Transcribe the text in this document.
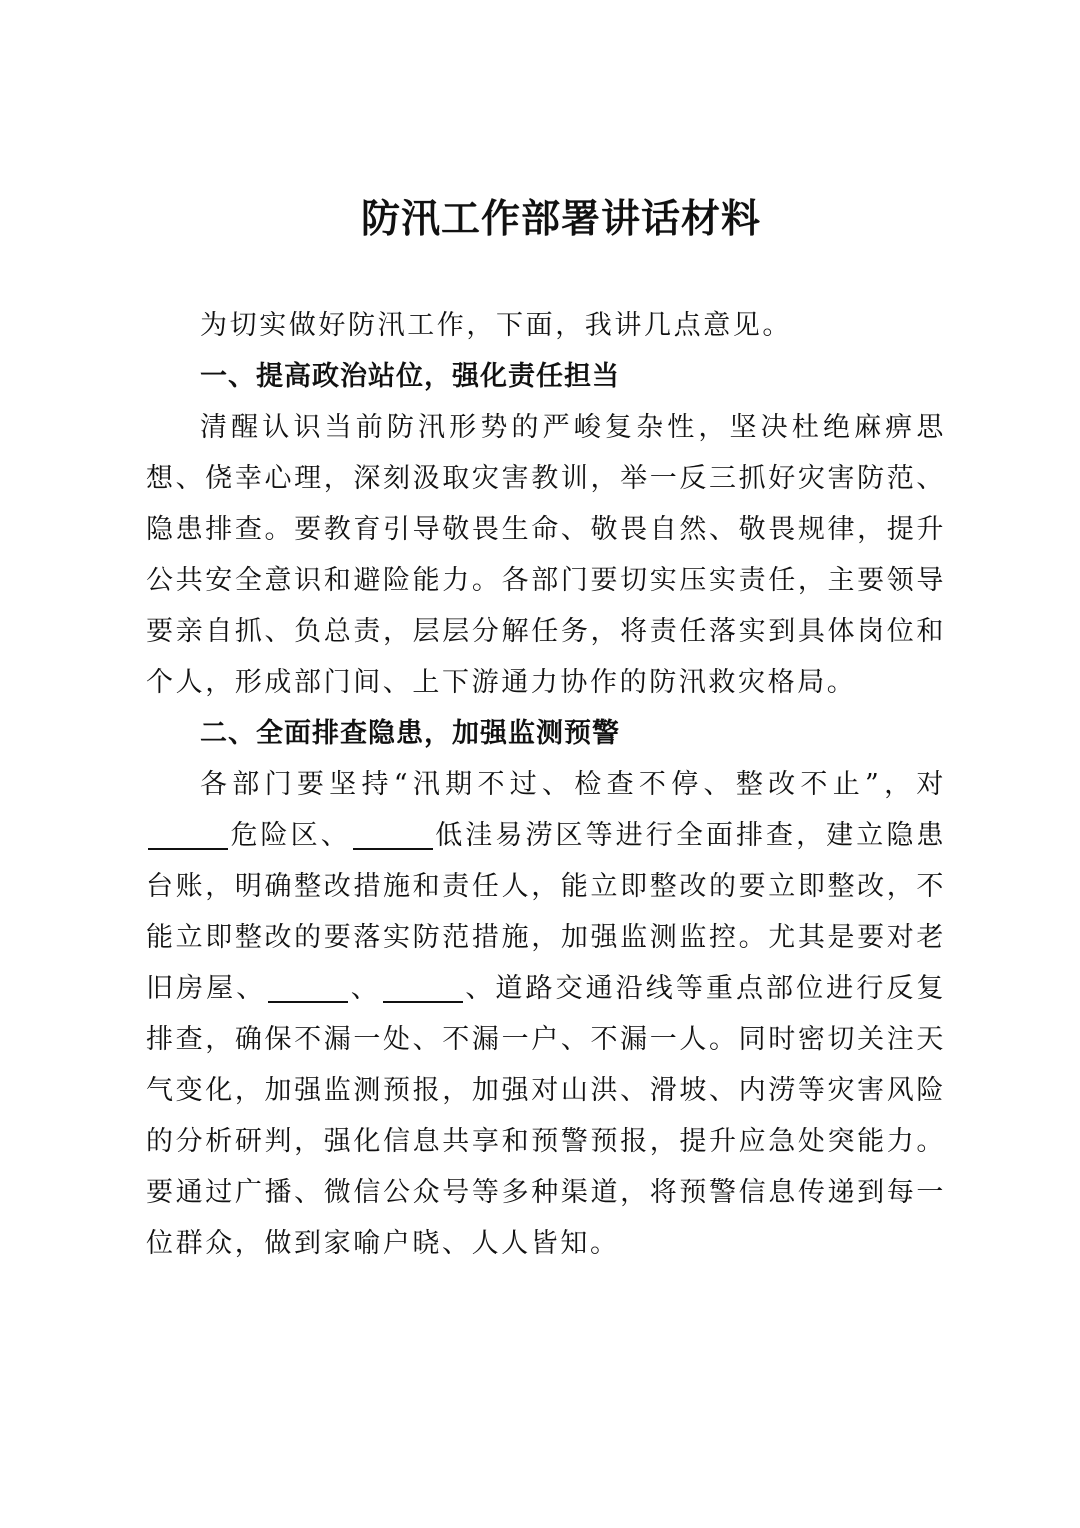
防汛工作部署讲话材料

为切实做好防汛工作，下面，我讲几点意见。

一、提高政治站位，强化责任担当

清醒认识当前防汛形势的严峻复杂性，坚决杜绝麻痹思想、侥幸心理，深刻汲取灾害教训，举一反三抓好灾害防范、隐患排查。要教育引导敬畏生命、敬畏自然、敬畏规律，提升公共安全意识和避险能力。各部门要切实压实责任，主要领导要亲自抓、负总责，层层分解任务，将责任落实到具体岗位和个人，形成部门间、上下游通力协作的防汛救灾格局。

二、全面排查隐患，加强监测预警

各部门要坚持“汛期不过、检查不停、整改不止”，对危险区、	低洼易涝区等进行全面排查，建立隐患台账，明确整改措施和责任人，能立即整改的要立即整改，不能立即整改的要落实防范措施，加强监测监控。尤其是要对老旧房屋、	、	、道路交通沿线等重点部位进行反复排查，确保不漏一处、不漏一户、不漏一人。同时密切关注天气变化，加强监测预报，加强对山洪、滑坡、内涝等灾害风险的分析研判，强化信息共享和预警预报，提升应急处突能力。要通过广播、微信公众号等多种渠道，将预警信息传递到每一位群众，做到家喻户晓、人人皆知。
